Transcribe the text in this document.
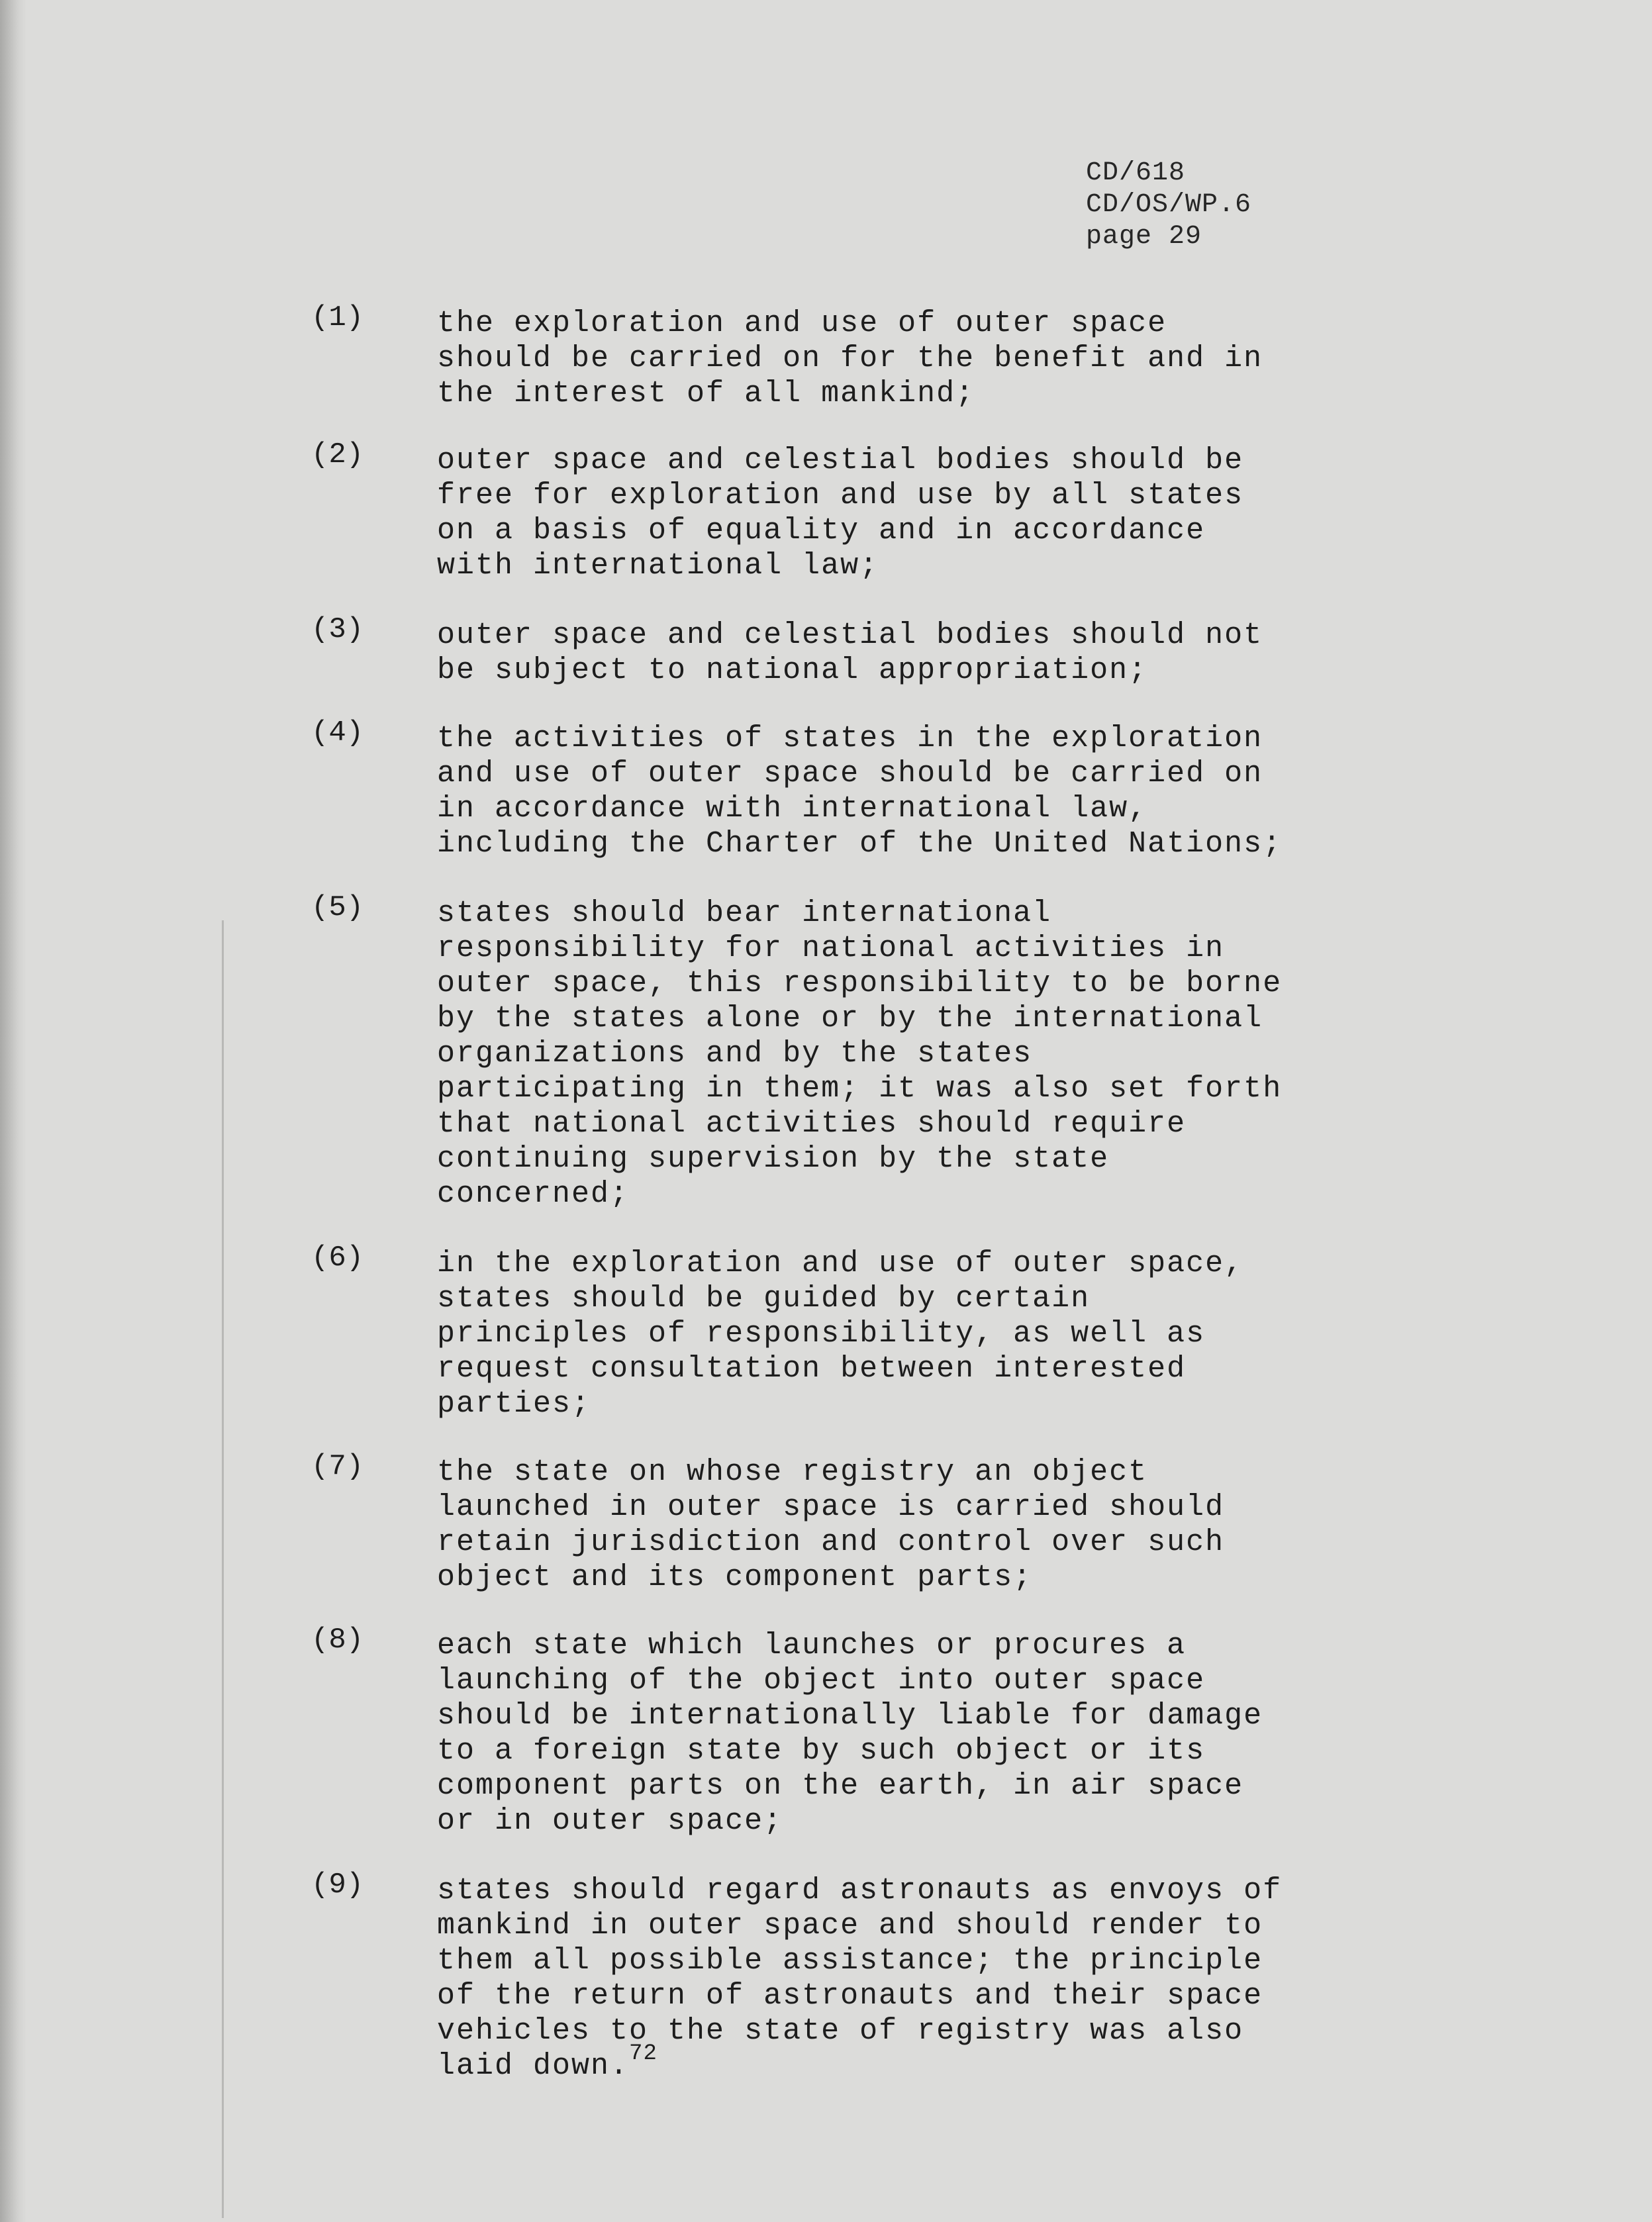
CD/618
CD/OS/WP.6
page 29
(1)	the exploration and use of outer space
should be carried on for the benefit and in
the interest of all mankind;
(2)	outer space and celestial bodies should be
free for exploration and use by all states
on a basis of equality and in accordance
with international law;
(3)	outer space and celestial bodies should not
be subject to national appropriation;
(4)	the activities of states in the exploration
and use of outer space should be carried on
in accordance with international law,
including the Charter of the United Nations;
(5)	states should bear international
responsibility for national activities in
outer space, this responsibility to be borne
by the states alone or by the international
organizations and by the states
participating in them; it was also set forth
that national activities should require
continuing supervision by the state
concerned;
(6)	in the exploration and use of outer space,
states should be guided by certain
principles of responsibility, as well as
request consultation between interested
parties;
(7)	the state on whose registry an object
launched in outer space is carried should
retain jurisdiction and control over such
object and its component parts;
(8)	each state which launches or procures a
launching of the object into outer space
should be internationally liable for damage
to a foreign state by such object or its
component parts on the earth, in air space
or in outer space;
(9)	states should regard astronauts as envoys of
mankind in outer space and should render to
them all possible assistance; the principle
of the return of astronauts and their space
vehicles to the state of registry was also
laid down.$^{72}$
